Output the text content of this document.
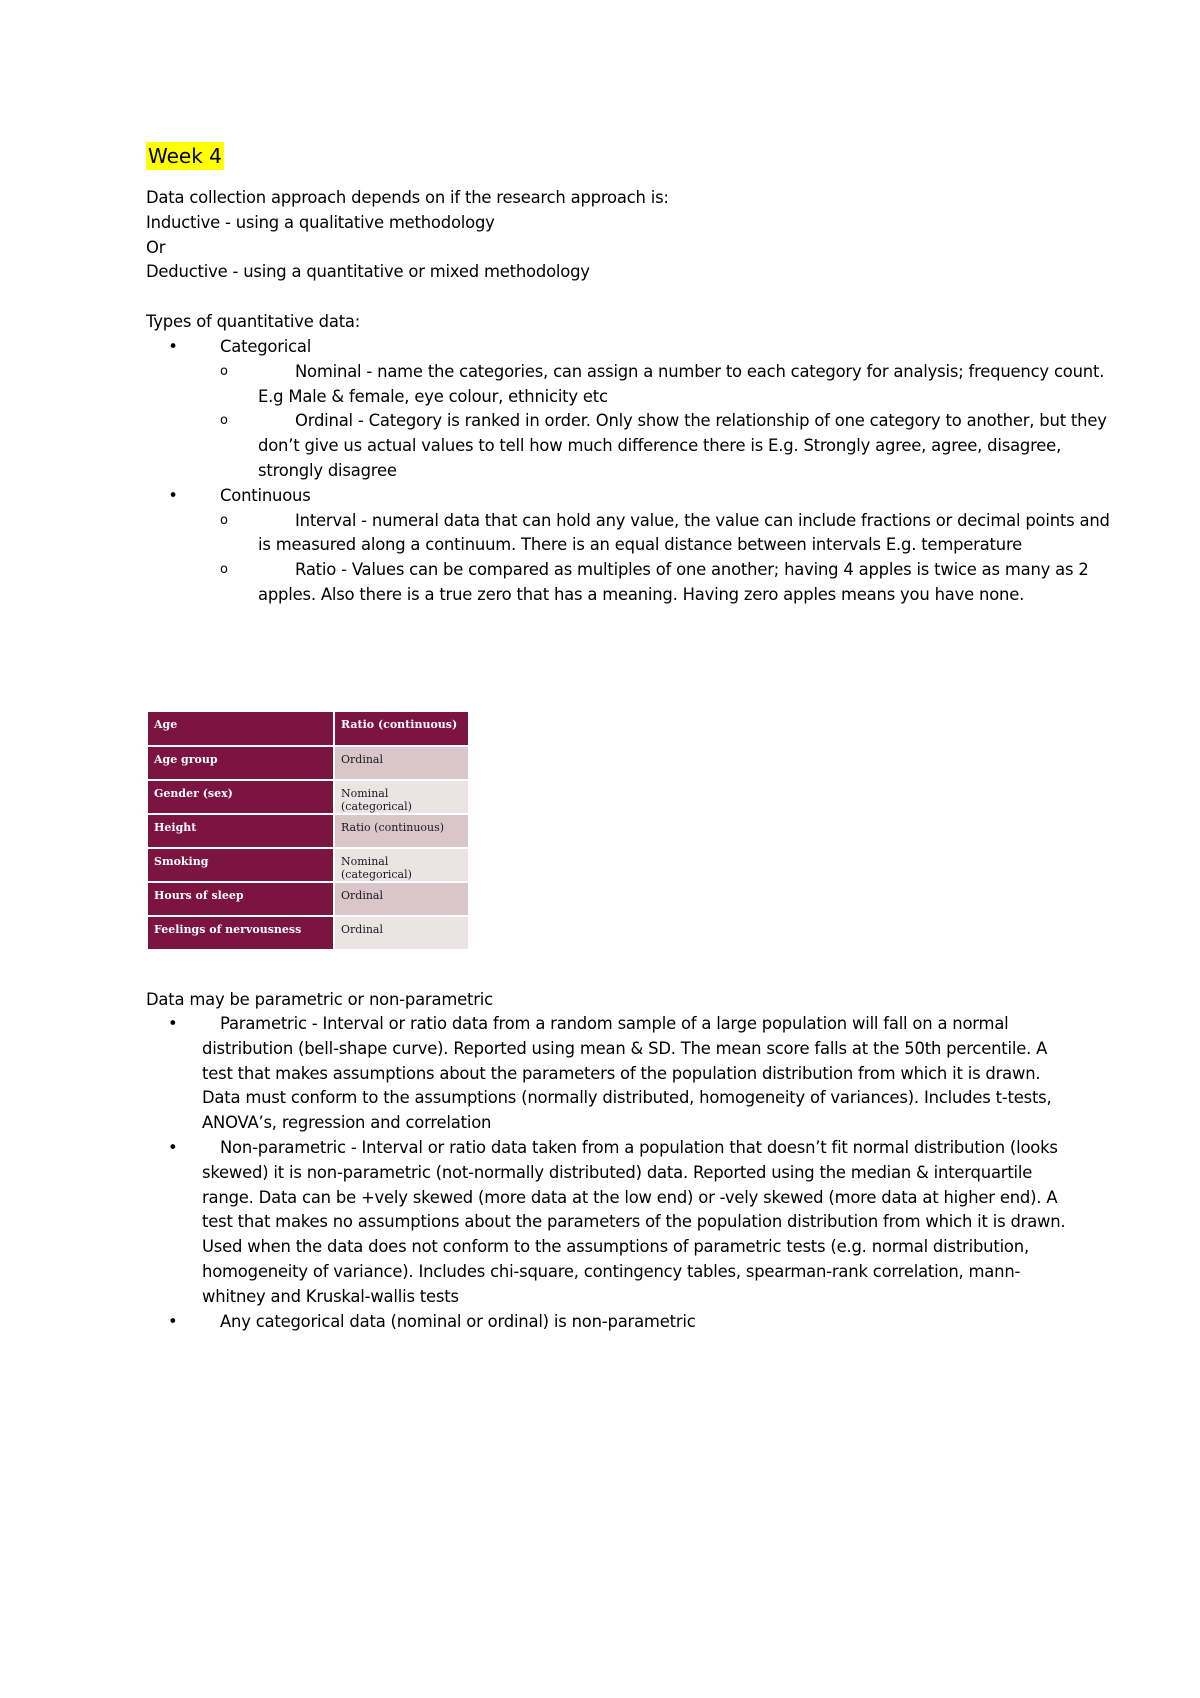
Week 4
Data collection approach depends on if the research approach is:
Inductive - using a qualitative methodology
Or
Deductive - using a quantitative or mixed methodology
Types of quantitative data:
•	Categorical
o	Nominal - name the categories, can assign a number to each category for analysis; frequency count. E.g Male & female, eye colour, ethnicity etc
o	Ordinal - Category is ranked in order. Only show the relationship of one category to another, but they don’t give us actual values to tell how much difference there is E.g. Strongly agree, agree, disagree, strongly disagree
•	Continuous
o	Interval - numeral data that can hold any value, the value can include fractions or decimal points and is measured along a continuum. There is an equal distance between intervals E.g. temperature
o	Ratio - Values can be compared as multiples of one another; having 4 apples is twice as many as 2 apples. Also there is a true zero that has a meaning. Having zero apples means you have none.
Age	Ratio (continuous)
Age group	Ordinal
Gender (sex)	Nominal (categorical)
Height	Ratio (continuous)
Smoking	Nominal (categorical)
Hours of sleep	Ordinal
Feelings of nervousness	Ordinal
Data may be parametric or non-parametric
•	Parametric - Interval or ratio data from a random sample of a large population will fall on a normal distribution (bell-shape curve). Reported using mean & SD. The mean score falls at the 50th percentile. A test that makes assumptions about the parameters of the population distribution from which it is drawn. Data must conform to the assumptions (normally distributed, homogeneity of variances). Includes t-tests, ANOVA’s, regression and correlation
•	Non-parametric - Interval or ratio data taken from a population that doesn’t fit normal distribution (looks skewed) it is non-parametric (not-normally distributed) data. Reported using the median & interquartile range. Data can be +vely skewed (more data at the low end) or -vely skewed (more data at higher end). A test that makes no assumptions about the parameters of the population distribution from which it is drawn. Used when the data does not conform to the assumptions of parametric tests (e.g. normal distribution, homogeneity of variance). Includes chi-square, contingency tables, spearman-rank correlation, mann-whitney and Kruskal-wallis tests
•	Any categorical data (nominal or ordinal) is non-parametric
